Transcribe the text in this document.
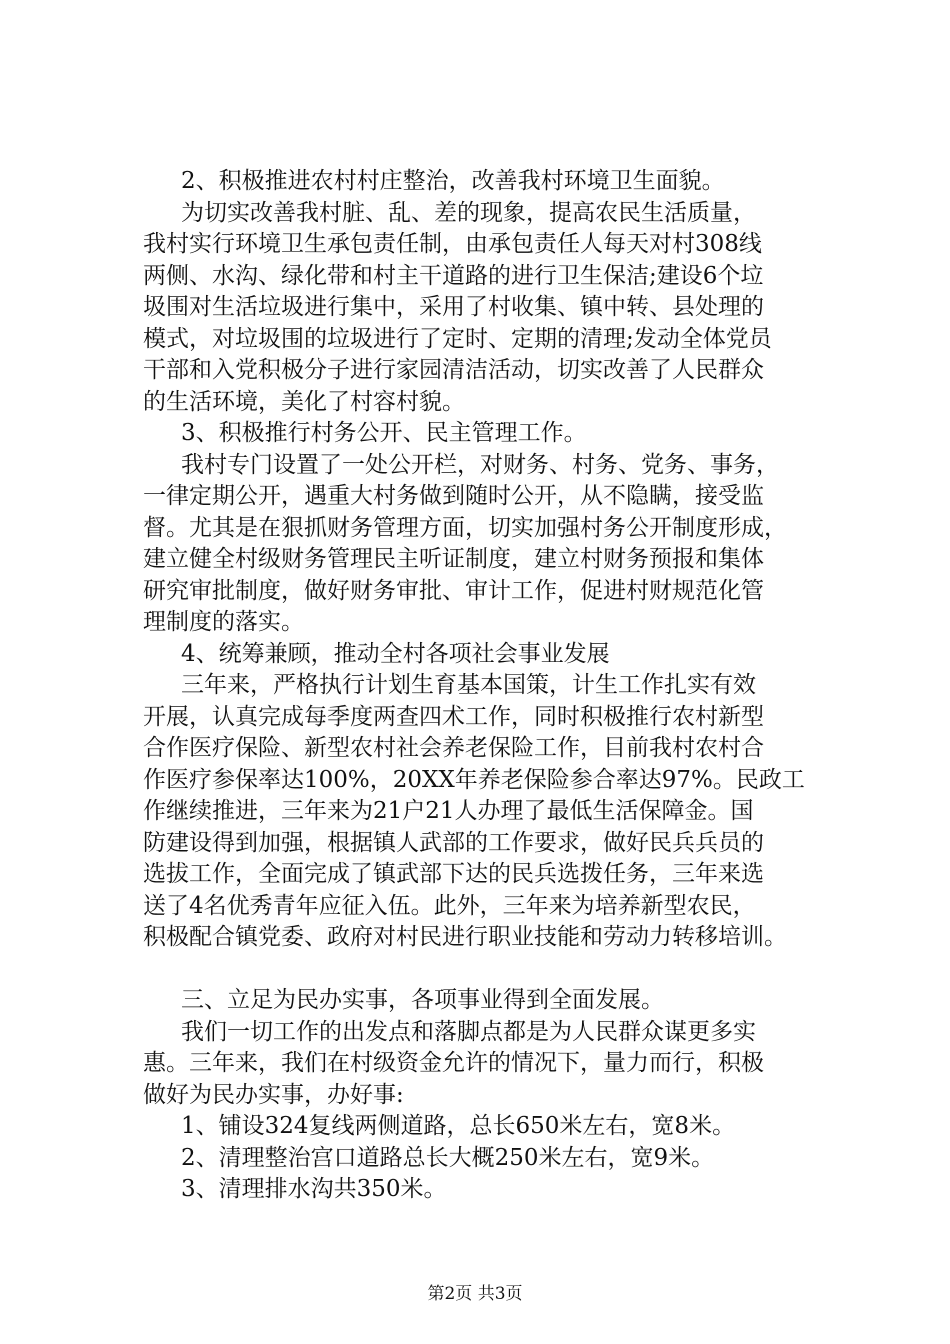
2、积极推进农村村庄整治，改善我村环境卫生面貌。
为切实改善我村脏、乱、差的现象，提高农民生活质量，
我村实行环境卫生承包责任制，由承包责任人每天对村308线
两侧、水沟、绿化带和村主干道路的进行卫生保洁;建设6个垃
圾围对生活垃圾进行集中，采用了村收集、镇中转、县处理的
模式，对垃圾围的垃圾进行了定时、定期的清理;发动全体党员
干部和入党积极分子进行家园清洁活动，切实改善了人民群众
的生活环境，美化了村容村貌。
3、积极推行村务公开、民主管理工作。
我村专门设置了一处公开栏，对财务、村务、党务、事务，
一律定期公开，遇重大村务做到随时公开，从不隐瞒，接受监
督。尤其是在狠抓财务管理方面，切实加强村务公开制度形成，
建立健全村级财务管理民主听证制度，建立村财务预报和集体
研究审批制度，做好财务审批、审计工作，促进村财规范化管
理制度的落实。
4、统筹兼顾，推动全村各项社会事业发展
三年来，严格执行计划生育基本国策，计生工作扎实有效
开展，认真完成每季度两查四术工作，同时积极推行农村新型
合作医疗保险、新型农村社会养老保险工作，目前我村农村合
作医疗参保率达100%，20XX年养老保险参合率达97%。民政工
作继续推进，三年来为21户21人办理了最低生活保障金。国
防建设得到加强，根据镇人武部的工作要求，做好民兵兵员的
选拔工作，全面完成了镇武部下达的民兵选拨任务，三年来选
送了4名优秀青年应征入伍。此外，三年来为培养新型农民，
积极配合镇党委、政府对村民进行职业技能和劳动力转移培训。
三、立足为民办实事，各项事业得到全面发展。
我们一切工作的出发点和落脚点都是为人民群众谋更多实
惠。三年来，我们在村级资金允许的情况下，量力而行，积极
做好为民办实事，办好事:
1、铺设324复线两侧道路，总长650米左右，宽8米。
2、清理整治宫口道路总长大概250米左右，宽9米。
3、清理排水沟共350米。
第2页 共3页
